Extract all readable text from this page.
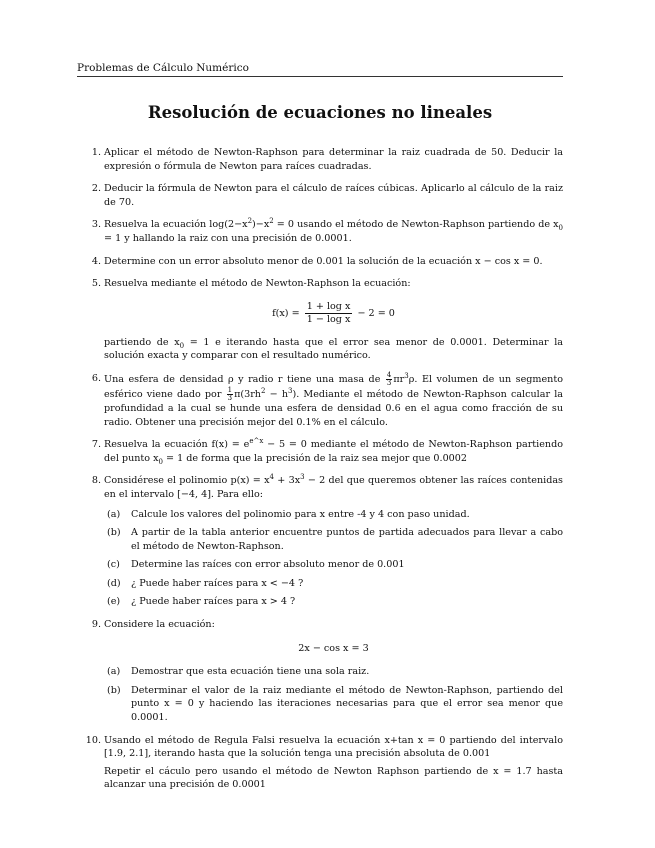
Problemas de Cálculo Numérico
Resolución de ecuaciones no lineales
1. Aplicar el método de Newton-Raphson para determinar la raiz cuadrada de 50. Deducir la expresión o fórmula de Newton para raíces cuadradas.

2. Deducir la fórmula de Newton para el cálculo de raíces cúbicas. Aplicarlo al cálculo de la raiz de 70.

3. Resuelva la ecuación $\log(2-x^2)-x^2 = 0$ usando el método de Newton-Raphson partiendo de $x_0 = 1$ y hallando la raiz con una precisión de 0.0001.

4. Determine con un error absoluto menor de 0.001 la solución de la ecuación x − cos x = 0.

5. Resuelva mediante el método de Newton-Raphson la ecuación:

$f(x) = \frac{\text{1 + log x}}{\text{1 − log x}} - 2 = 0$

partiendo de $x_0 = 1$ e iterando hasta que el error sea menor de 0.0001. Determinar la solución exacta y comparar con el resultado numérico.

6. Una esfera de densidad ρ y radio r tiene una masa de $\frac{4}{3} \pi r^3\rho$. El volumen de un segmento esférico viene dado por $\frac{1}{3} \pi(3rh^2 - h^3)$. Mediante el método de Newton-Raphson calcular la profundidad a la cual se hunde una esfera de densidad 0.6 en el agua como fracción de su radio. Obtener una precisión mejor del 0.1% en el cálculo.

7. Resuelva la ecuación $f(x) = e^{e\^{}x} - 5 = 0$ mediante el método de Newton-Raphson partiendo del punto $x_0 = 1$ de forma que la precisión de la raiz sea mejor que 0.0002

8. Considérese el polinomio $p(x) = x^4 + 3x^3 - 2$ del que queremos obtener las raíces contenidas en el intervalo [−4, 4]. Para ello:

(a)	Calcule los valores del polinomio para x entre -4 y 4 con paso unidad.

(b)	A partir de la tabla anterior encuentre puntos de partida adecuados para llevar a cabo el método de Newton-Raphson.

(c)	Determine las raíces con error absoluto menor de 0.001

(d)	¿ Puede haber raíces para x < −4 ?

(e)	¿ Puede haber raíces para x > 4 ?

9. Considere la ecuación:

2x − cos x = 3
(a)	Demostrar que esta ecuación tiene una sola raiz.

(b)	Determinar el valor de la raiz mediante el método de Newton-Raphson, partiendo del punto x = 0 y haciendo las iteraciones necesarias para que el error sea menor que 0.0001.

10. Usando el método de Regula Falsi resuelva la ecuación x+tan x = 0 partiendo del intervalo [1.9, 2.1], iterando hasta que la solución tenga una precisión absoluta de 0.001

Repetir el cáculo pero usando el método de Newton Raphson partiendo de x = 1.7 hasta alcanzar una precisión de 0.0001
